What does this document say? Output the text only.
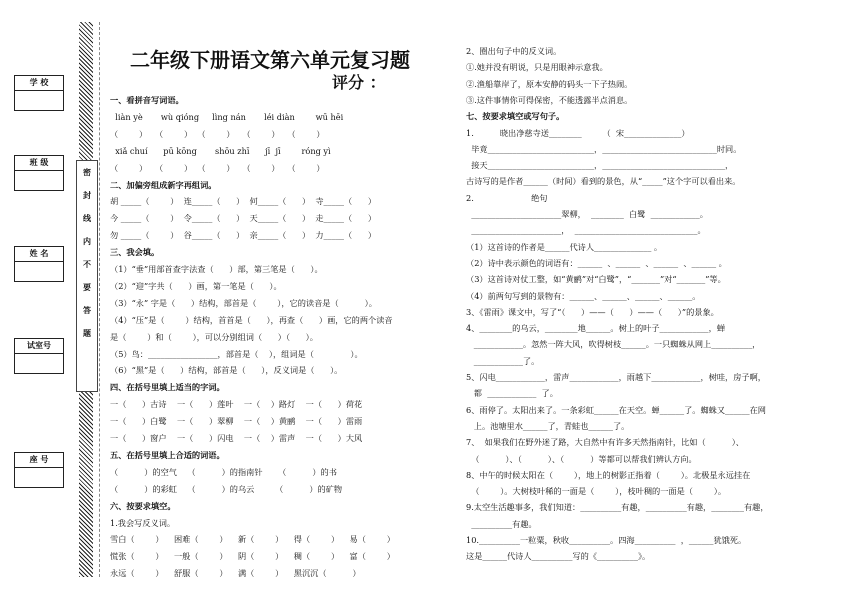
学 校
班 级
姓 名
试室号
座 号
密
封
线
内
不
要
答
题
二年级下册语文第六单元复习题
评分 ：
一、看拼音写词语。
liàn yè       wù qióng     lìng nán       léi diàn        wū hēi
（        ）   （        ）  （        ）   （        ）   （        ）
xiǎ chuí      pū kōng       shōu zhī      jī  jī        róng yì
（        ）   （        ）  （        ）   （        ）   （        ）
二、加偏旁组成新字再组词。
胡 _____（        ）  连_____（      ）  何_____（      ）  寺_____（      ）
今 _____（        ）  令_____（      ）  天_____（      ）  走_____（      ）
勿 _____（        ）  谷_____（      ）  亲_____（      ）  力_____（      ）
三、我会填。
（1）“垂”用部首查字法查（      ）部，第三笔是（      ）。
（2）“迎”字共（      ）画，第一笔是（      ）。
（3）“永” 字是（      ）结构，部首是（        ），它的读音是（          ）。
（4）“压”是（        ）结构，首首是（      ），再查（      ）画，它的两个读音
是（        ）和（        ），可以分别组词（      ）（      ）。
（5）鸟：_________________，部首是（    ），组词是（              ）。
（6）“黑”是（      ）结构，部首是（      ），反义词是（      ）。
四、在括号里填上适当的字词。
一（      ）古诗    一（      ）莲叶    一（    ）路灯    一（      ）荷花
一（      ）白鹭    一（      ）翠柳    一（    ）黄鹂    一（      ）雷雨
一（      ）窗户    一（      ）闪电    一（    ）雷声    一（      ）大风
五、在括号里填上合适的词语。
（          ）的空气    （          ）的指南针      （          ）的书
（          ）的彩虹    （          ）的乌云        （          ）的矿物
六、按要求填空。
1.我会写反义词。
雪白（        ）    困难（        ）    新（        ）    得（        ）    易（        ）
慌张（        ）    一般（        ）    阴（        ）    稠（        ）    富（        ）
永远（        ）    舒服（        ）    满（        ）    黑沉沉（          ）
2、圈出句子中的反义词。
①.她并没有明说，只是用眼神示意我。
②.渔船靠岸了，原本安静的码头一下子热闹。
③.这件事情你可得保密，不能透露半点消息。
七、按要求填空或写句子。
1.          晓出净慈寺送________        （  宋______________）
毕竟__________________________，____________________________时同。
接天__________________________，______________________________，
古诗写的是作者______（时间）看到的景色，从“_____”这个字可以看出来。
2.                      绝句
______________________翠柳，  ________  白鹭  ____________。
______________________，  ______________________________。
（1）这首诗的作者是______代诗人______________ 。
（2）诗中表示颜色的词语有：______  、______  、______  、______ 。
（3）这首诗对仗工整，如“黄鹂”对“白鹭”，“_______”对“_______”等。
（4）前两句写到的景物有：______、______、______、______。
3、《雷雨》课文中，写了“（      ）——（      ）——（      ）”的景象。
4、________的乌云，________地______。树上的叶子____________，蝉
____________。忽然一阵大风，吹得树枝______。一只蜘蛛从网上__________，
____________了。
5、闪电____________，雷声____________，雨越下____________，树哇，房子啊，
都  ____________  了。
6、雨停了。太阳出来了。一条彩虹______在天空。蝉______了。蜘蛛又______在网
上。池塘里水______了，青蛙也______了。
7、  如果我们在野外迷了路，大自然中有许多天然指南针，比如（          ）、
（          ）、（          ）、（          ）等都可以帮我们辨认方向。
8、中午的时候太阳在（        ），地上的树影正指着（        ）。北极星永远挂在
（        ）。大树枝叶稀的一面是（        ），枝叶稠的一面是（        ）。
9.太空生活趣事多，我们知道：__________有趣，__________有趣，________有趣，
__________有趣。
10.__________一粒粟，秋收__________。四海__________  ，______犹饿死。
这是______代诗人__________写的《__________》。
